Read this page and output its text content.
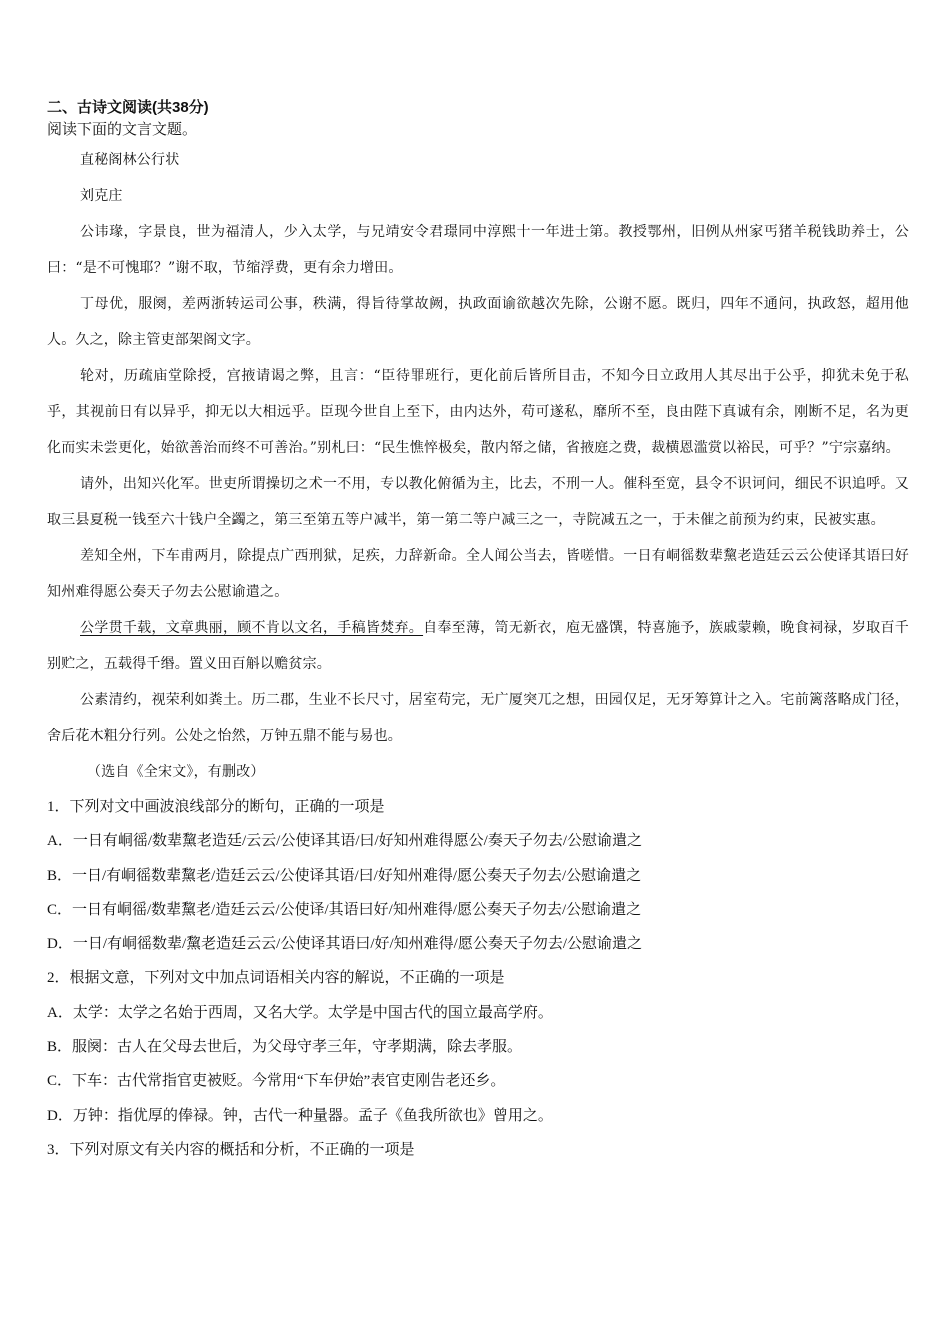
二、古诗文阅读(共38分)

阅读下面的文言文题。

直秘阁林公行状

刘克庄

公讳瑑，字景良，世为福清人，少入太学，与兄靖安令君璟同中淳熙十一年进士第。教授鄂州，旧例从州家丐猪羊税钱助养士，公曰：“是不可愧耶？”谢不取，节缩浮费，更有余力增田。

丁母优，服阕，差两浙转运司公事，秩满，得旨待掌故阙，执政面谕欲越次先除，公谢不愿。既归，四年不通问，执政怒，超用他人。久之，除主管吏部架阁文字。

轮对，历疏庙堂除授，宫掖请谒之弊，且言：“臣待罪班行，更化前后皆所目击，不知今日立政用人其尽出于公乎，抑犹未免于私乎，其视前日有以异乎，抑无以大相远乎。臣现今世自上至下，由内达外，苟可遂私，靡所不至，良由陛下真诚有余，刚断不足，名为更化而实未尝更化，始欲善治而终不可善治。”别札曰：“民生憔悴极矣，散内帑之储，省掖庭之费，裁横恩滥赏以裕民，可乎？”宁宗嘉纳。

请外，出知兴化军。世吏所谓操切之术一不用，专以教化俯循为主，比去，不刑一人。催科至宽，县令不识诃问，细民不识追呼。又取三县夏税一钱至六十钱户全蠲之，第三至第五等户减半，第一第二等户减三之一，寺院减五之一，于未催之前预为约束，民被实惠。

差知全州，下车甫两月，除提点广西刑狱，足疾，力辞新命。全人闻公当去，皆嗟惜。一日有峒徭数辈黧老造廷云云公使译其语曰好知州难得愿公奏天子勿去公慰谕遣之。

公学贯千载，文章典丽，顾不肯以文名，手稿皆焚弃。自奉至薄，笥无新衣，庖无盛馔，特喜施予，族戚蒙赖，晚食祠禄，岁取百千别贮之，五载得千缗。置义田百斛以赡贫宗。

公素清约，视荣利如粪土。历二郡，生业不长尺寸，居室苟完，无广厦突兀之想，田园仅足，无牙筹算计之入。宅前篱落略成门径，舍后花木粗分行列。公处之怡然，万钟五鼎不能与易也。

（选自《全宋文》，有删改）

1．下列对文中画波浪线部分的断句，正确的一项是

A．一日有峒徭/数辈黧老造廷/云云/公使译其语/曰/好知州难得愿公/奏天子勿去/公慰谕遣之

B．一日/有峒徭数辈黧老/造廷云云/公使译其语/曰/好知州难得/愿公奏天子勿去/公慰谕遣之

C．一日有峒徭/数辈黧老/造廷云云/公使译/其语曰好/知州难得/愿公奏天子勿去/公慰谕遣之

D．一日/有峒徭数辈/黧老造廷云云/公使译其语曰/好/知州难得/愿公奏天子勿去/公慰谕遣之

2．根据文意，下列对文中加点词语相关内容的解说，不正确的一项是

A．太学：太学之名始于西周，又名大学。太学是中国古代的国立最高学府。

B．服阕：古人在父母去世后，为父母守孝三年，守孝期满，除去孝服。

C．下车：古代常指官吏被贬。今常用“下车伊始”表官吏刚告老还乡。

D．万钟：指优厚的俸禄。钟，古代一种量器。孟子《鱼我所欲也》曾用之。

3．下列对原文有关内容的概括和分析，不正确的一项是
